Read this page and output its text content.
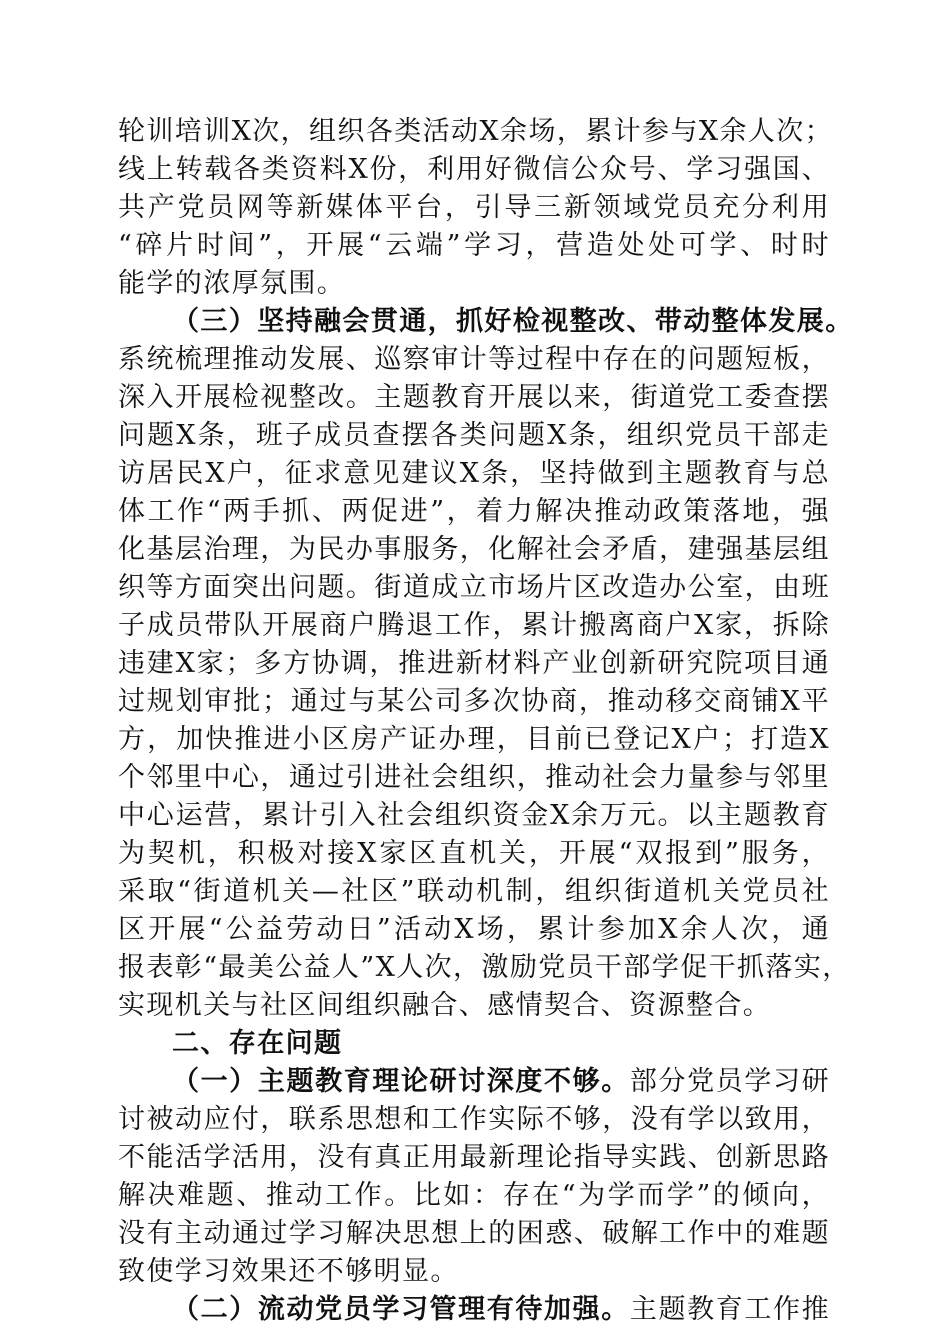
轮训培训X次，组织各类活动X余场，累计参与X余人次；
线上转载各类资料X份，利用好微信公众号、学习强国、
共产党员网等新媒体平台，引导三新领域党员充分利用
“碎片时间”，开展“云端”学习，营造处处可学、时时
能学的浓厚氛围。
（三）坚持融会贯通，抓好检视整改、带动整体发展。
系统梳理推动发展、巡察审计等过程中存在的问题短板，
深入开展检视整改。主题教育开展以来，街道党工委查摆
问题X条，班子成员查摆各类问题X条，组织党员干部走
访居民X户，征求意见建议X条，坚持做到主题教育与总
体工作“两手抓、两促进”，着力解决推动政策落地，强
化基层治理，为民办事服务，化解社会矛盾，建强基层组
织等方面突出问题。街道成立市场片区改造办公室，由班
子成员带队开展商户腾退工作，累计搬离商户X家，拆除
违建X家；多方协调，推进新材料产业创新研究院项目通
过规划审批；通过与某公司多次协商，推动移交商铺X平
方，加快推进小区房产证办理，目前已登记X户；打造X
个邻里中心，通过引进社会组织，推动社会力量参与邻里
中心运营，累计引入社会组织资金X余万元。以主题教育
为契机，积极对接X家区直机关，开展“双报到”服务，
采取“街道机关—社区”联动机制，组织街道机关党员社
区开展“公益劳动日”活动X场，累计参加X余人次，通
报表彰“最美公益人”X人次，激励党员干部学促干抓落实，
实现机关与社区间组织融合、感情契合、资源整合。
二、存在问题
（一）主题教育理论研讨深度不够。部分党员学习研
讨被动应付，联系思想和工作实际不够，没有学以致用，
不能活学活用，没有真正用最新理论指导实践、创新思路
解决难题、推动工作。比如：存在“为学而学”的倾向，
没有主动通过学习解决思想上的困惑、破解工作中的难题
致使学习效果还不够明显。
（二）流动党员学习管理有待加强。主题教育工作推
